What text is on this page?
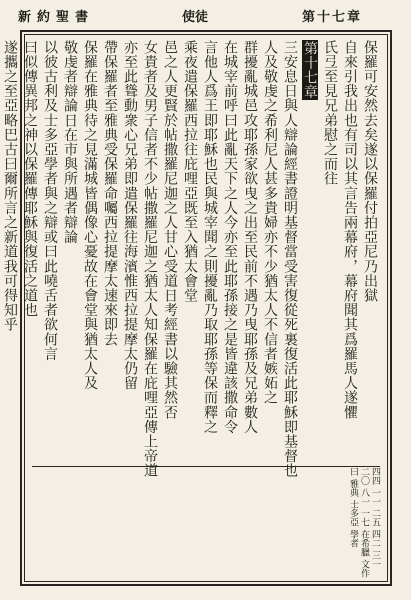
新約聖書	使徒	第十七章
保羅可安然去矣遂以保羅付拍亞尼乃出獄
自來引我出也有司以其言告兩幕府，幕府聞其爲羅馬人遂懼
氏弖至見兄弟慰之而往
第十七章
三安息日與人辯論經書證明基督當受害復從死裏復活此耶穌即基督也
人及敬虔之希利尼人甚多貴婦亦不少猶太人不信者嫉妬之
群擾亂城邑攻耶孫家欲曳之出至民前不遇乃曳耶孫及兄弟數人
在城宰前呼曰此亂天下之人今亦至此耶孫接之是皆違該撒命令
言他人爲王即耶穌也民與城宰聞之則擾亂乃取耶孫等保而釋之
乘夜遣保羅西拉往庇哩亞既至入猶太會堂
邑之人更賢於帖撒羅尼迦之人甘心受道日考經書以驗其然否
女貴者及男子信者不少帖撒羅尼迦之猶太人知保羅在庇哩亞傳上帝道
亦至此聳動衆心兄弟即遣保羅往海濱惟西拉提摩太仍留
帶保羅者至雅典受保羅命囑西拉提摩太速來即去
保羅在雅典待之見滿城皆偶像心憂故在會堂與猶太人及
敬虔者辯論日在市與所遇者辯論
以彼古利及士多亞學者與之辯或曰此嘵舌者欲何言
曰似傳異邦之神以保羅傳耶穌與復活之道也
遂攜之至亞略巴古曰爾所言之新道我可得知乎
四四 一一 二五 四二 三一 二〇 八一 一七 在希臘 文作曰 雅典 士多亞 學者
